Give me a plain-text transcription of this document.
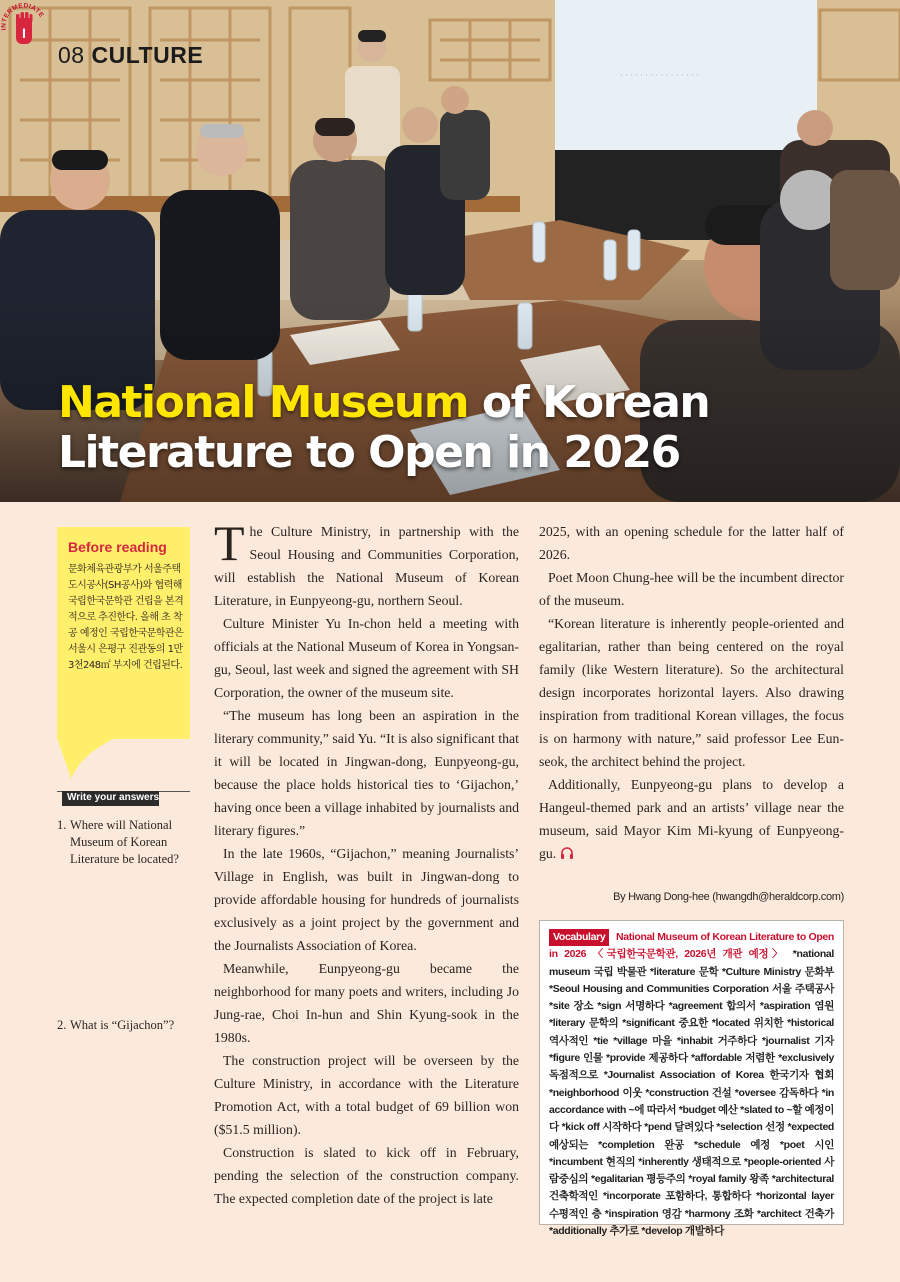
· · · · · · · · · · · · · · · ·
08 CULTURE
INTERMEDIATE
I
National Museum of Korean
Literature to Open in 2026
Before reading
문화체육관광부가 서울주택도시공사(SH공사)와 협력해 국립한국문학관 건립을 본격적으로 추진한다. 올해 초 착공 예정인 국립한국문학관은 서울시 은평구 진관동의 1만3천248㎡ 부지에 건립된다.
Write your answers
1. Where will National Museum of Korean Literature be located?
2. What is “Gijachon”?

The Culture Ministry, in partnership with the Seoul Housing and Communities Corporation, will establish the National Museum of Korean Literature, in Eunpyeong-gu, northern Seoul.

Culture Minister Yu In-chon held a meeting with officials at the National Museum of Korea in Yongsan-gu, Seoul, last week and signed the agreement with SH Corporation, the owner of the museum site.

“The museum has long been an aspiration in the literary community,” said Yu. “It is also significant that it will be located in Jingwan-dong, Eunpyeong-gu, because the place holds historical ties to ‘Gijachon,’ having once been a village inhabited by journalists and literary figures.”

In the late 1960s, “Gijachon,” meaning Journalists’ Village in English, was built in Jingwan-dong to provide affordable housing for hundreds of journalists exclusively as a joint project by the government and the Journalists Association of Korea.

Meanwhile, Eunpyeong-gu became the neighborhood for many poets and writers, including Jo Jung-rae, Choi In-hun and Shin Kyung-sook in the 1980s.

The construction project will be overseen by the Culture Ministry, in accordance with the Literature Promotion Act, with a total budget of 69 billion won ($51.5 million).

Construction is slated to kick off in February, pending the selection of the construction company. The expected completion date of the project is late

2025, with an opening schedule for the latter half of 2026.

Poet Moon Chung-hee will be the incumbent director of the museum.

“Korean literature is inherently people-oriented and egalitarian, rather than being centered on the royal family (like Western literature). So the architectural design incorporates horizontal layers. Also drawing inspiration from traditional Korean villages, the focus is on harmony with nature,” said professor Lee Eun-seok, the architect behind the project.

Additionally, Eunpyeong-gu plans to develop a Hangeul-themed park and an artists’ village near the museum, said Mayor Kim Mi-kyung of Eunpyeong-gu.

By Hwang Dong-hee (hwangdh@heraldcorp.com)
Vocabulary National Museum of Korean Literature to Open in 2026 〈국립한국문학관, 2026년 개관 예정〉 *national museum 국립 박물관 *literature 문학 *Culture Ministry 문화부 *Seoul Housing and Communities Corporation 서울 주택공사 *site 장소 *sign 서명하다 *agreement 합의서 *aspiration 염원 *literary 문학의 *significant 중요한 *located 위치한 *historical 역사적인 *tie *village 마을 *inhabit 거주하다 *journalist 기자 *figure 인물 *provide 제공하다 *affordable 저렴한 *exclusively 독점적으로 *Journalist Association of Korea 한국기자 협회 *neighborhood 이웃 *construction 건설 *oversee 감독하다 *in accordance with ~에 따라서 *budget 예산 *slated to ~할 예정이다 *kick off 시작하다 *pend 달려있다 *selection 선정 *expected 예상되는 *completion 완공 *schedule 예정 *poet 시인 *incumbent 현직의 *inherently 생태적으로 *people-oriented 사람중심의 *egalitarian 평등주의 *royal family 왕족 *architectural 건축학적인 *incorporate 포함하다, 통합하다 *horizontal layer 수평적인 층 *inspiration 영감 *harmony 조화 *architect 건축가 *additionally 추가로 *develop 개발하다
